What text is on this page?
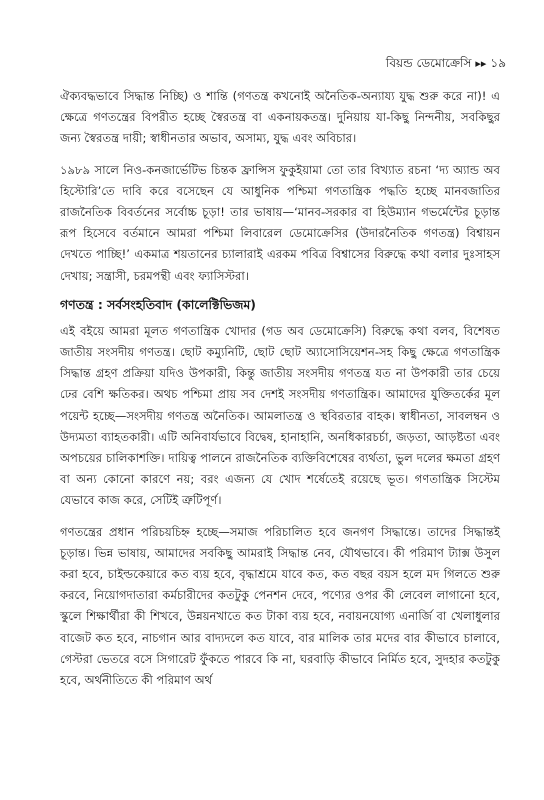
বিয়ন্ড ডেমোক্রেসি ▸▸ ১৯

ঐক্যবদ্ধভাবে সিদ্ধান্ত নিচ্ছি) ও শান্তি (গণতন্ত্র কখনোই অনৈতিক-অন্যায্য যুদ্ধ শুরু করে না)! এ ক্ষেত্রে গণতন্ত্রের বিপরীত হচ্ছে স্বৈরতন্ত্র বা একনায়কতন্ত্র। দুনিয়ায় যা-কিছু নিন্দনীয়, সবকিছুর জন্য স্বৈরতন্ত্র দায়ী; স্বাধীনতার অভাব, অসাম্য, যুদ্ধ এবং অবিচার।

১৯৮৯ সালে নিও-কনজার্ভেটিভ চিন্তক ফ্রান্সিস ফুকুইয়ামা তো তার বিখ্যাত রচনা ‘দ্য অ্যান্ড অব হিস্টোরি’তে দাবি করে বসেছেন যে আধুনিক পশ্চিমা গণতান্ত্রিক পদ্ধতি হচ্ছে মানবজাতির রাজনৈতিক বিবর্তনের সর্বোচ্চ চূড়া! তার ভাষায়—‘মানব-সরকার বা হিউম্যান গভর্মেন্টের চূড়ান্ত রূপ হিসেবে বর্তমানে আমরা পশ্চিমা লিবারেল ডেমোক্রেসির (উদারনৈতিক গণতন্ত্র) বিশ্বায়ন দেখতে পাচ্ছি!’ একমাত্র শয়তানের চ্যালারাই এরকম পবিত্র বিশ্বাসের বিরুদ্ধে কথা বলার দুঃসাহস দেখায়; সন্ত্রাসী, চরমপন্থী এবং ফ্যাসিস্টরা।

গণতন্ত্র : সর্বসংহতিবাদ (কালেক্টিভিজম)

এই বইয়ে আমরা মূলত গণতান্ত্রিক খোদার (গড অব ডেমোক্রেসি) বিরুদ্ধে কথা বলব, বিশেষত জাতীয় সংসদীয় গণতন্ত্র। ছোট কম্যুনিটি, ছোট ছোট অ্যাসোসিয়েশন-সহ কিছু ক্ষেত্রে গণতান্ত্রিক সিদ্ধান্ত গ্রহণ প্রক্রিয়া যদিও উপকারী, কিন্তু জাতীয় সংসদীয় গণতন্ত্র যত না উপকারী তার চেয়ে ঢের বেশি ক্ষতিকর। অথচ পশ্চিমা প্রায় সব দেশই সংসদীয় গণতান্ত্রিক। আমাদের যুক্তিতর্কের মূল পয়েন্ট হচ্ছে—সংসদীয় গণতন্ত্র অনৈতিক। আমলাতন্ত্র ও স্থবিরতার বাহক। স্বাধীনতা, সাবলম্বন ও উদ্যমতা ব্যাহতকারী। এটি অনিবার্যভাবে বিদ্বেষ, হানাহানি, অনধিকারচর্চা, জড়তা, আড়ষ্টতা এবং অপচয়ের চালিকাশক্তি। দায়িত্ব পালনে রাজনৈতিক ব্যক্তিবিশেষের ব্যর্থতা, ভুল দলের ক্ষমতা গ্রহণ বা অন্য কোনো কারণে নয়; বরং এজন্য যে খোদ শর্ষেতেই রয়েছে ভূত। গণতান্ত্রিক সিস্টেম যেভাবে কাজ করে, সেটিই ত্রুটিপূর্ণ।

গণতন্ত্রের প্রধান পরিচয়চিহ্ন হচ্ছে—সমাজ পরিচালিত হবে জনগণ সিদ্ধান্তে। তাদের সিদ্ধান্তই চূড়ান্ত। ভিন্ন ভাষায়, আমাদের সবকিছু আমরাই সিদ্ধান্ত নেব, যৌথভাবে। কী পরিমাণ ট্যাক্স উসুল করা হবে, চাইল্ডকেয়ারে কত ব্যয় হবে, বৃদ্ধাশ্রমে যাবে কত, কত বছর বয়স হলে মদ গিলতে শুরু করবে, নিয়োগদাতারা কর্মচারীদের কতটুকু পেনশন দেবে, পণ্যের ওপর কী লেবেল লাগানো হবে, স্কুলে শিক্ষার্থীরা কী শিখবে, উন্নয়নখাতে কত টাকা ব্যয় হবে, নবায়নযোগ্য এনার্জি বা খেলাধুলার বাজেট কত হবে, নাচগান আর বাদ্যদলে কত যাবে, বার মালিক তার মদের বার কীভাবে চালাবে, গেস্টরা ভেতরে বসে সিগারেট ফুঁকতে পারবে কি না, ঘরবাড়ি কীভাবে নির্মিত হবে, সুদহার কতটুকু হবে, অর্থনীতিতে কী পরিমাণ অর্থ
